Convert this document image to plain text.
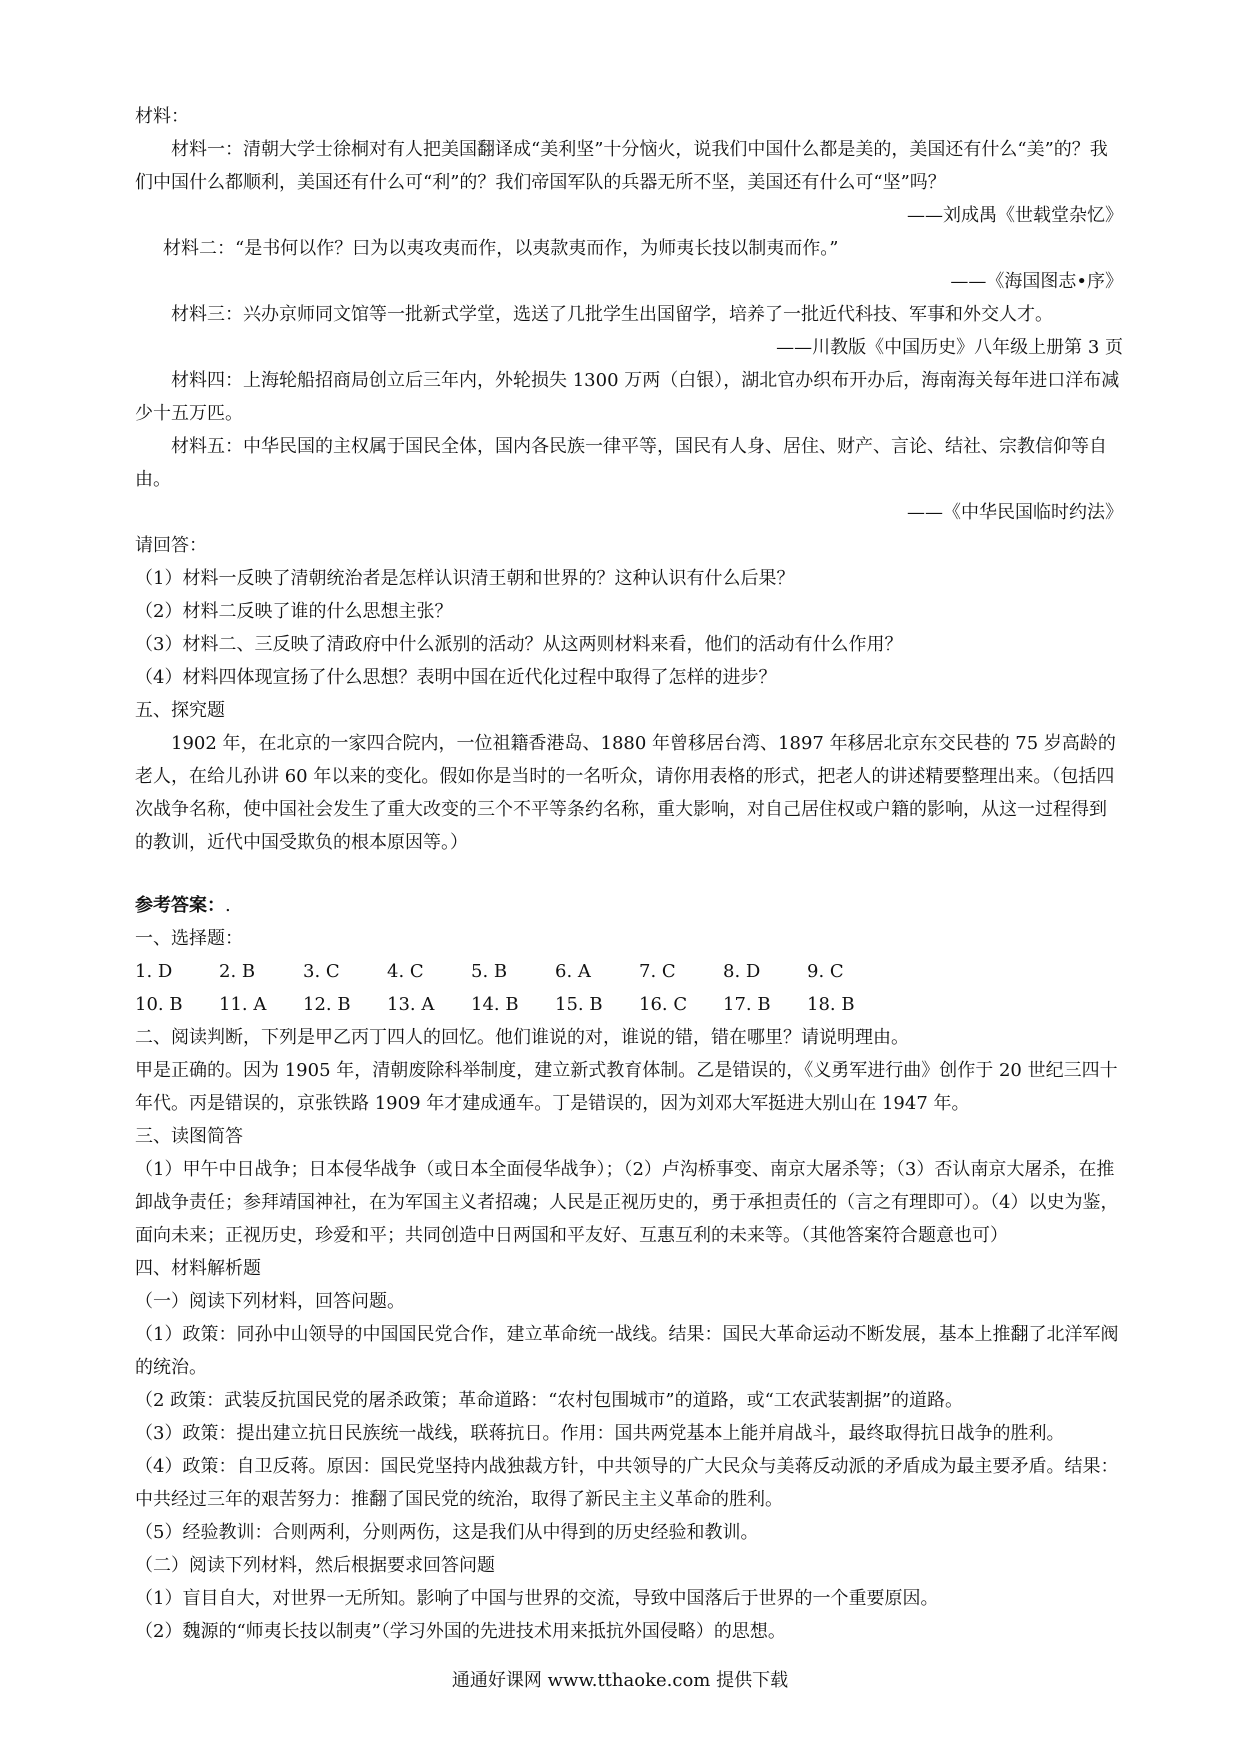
材料：
材料一：清朝大学士徐桐对有人把美国翻译成“美利坚”十分恼火，说我们中国什么都是美的，美国还有什么“美”的？我们中国什么都顺利，美国还有什么可“利”的？我们帝国军队的兵器无所不坚，美国还有什么可“坚”吗？
——刘成禺《世载堂杂忆》
材料二：“是书何以作？曰为以夷攻夷而作，以夷款夷而作，为师夷长技以制夷而作。”
——《海国图志•序》
材料三：兴办京师同文馆等一批新式学堂，选送了几批学生出国留学，培养了一批近代科技、军事和外交人才。
——川教版《中国历史》八年级上册第 3 页
材料四：上海轮船招商局创立后三年内，外轮损失 1300 万两（白银），湖北官办织布开办后，海南海关每年进口洋布减少十五万匹。
材料五：中华民国的主权属于国民全体，国内各民族一律平等，国民有人身、居住、财产、言论、结社、宗教信仰等自由。
——《中华民国临时约法》
请回答：
（1）材料一反映了清朝统治者是怎样认识清王朝和世界的？这种认识有什么后果？
（2）材料二反映了谁的什么思想主张？
（3）材料二、三反映了清政府中什么派别的活动？从这两则材料来看，他们的活动有什么作用？
（4）材料四体现宣扬了什么思想？表明中国在近代化过程中取得了怎样的进步？
五、探究题
1902 年，在北京的一家四合院内，一位祖籍香港岛、1880 年曾移居台湾、1897 年移居北京东交民巷的 75 岁高龄的老人，在给儿孙讲 60 年以来的变化。假如你是当时的一名听众，请你用表格的形式，把老人的讲述精要整理出来。（包括四次战争名称，使中国社会发生了重大改变的三个不平等条约名称，重大影响，对自己居住权或户籍的影响，从这一过程得到的教训，近代中国受欺负的根本原因等。）
参考答案：.
一、选择题：
1. D	2. B	3. C	4. C	5. B	6. A	7. C	8. D	9. C
10. B	11. A	12. B	13. A	14. B	15. B	16. C	17. B	18. B
二、阅读判断，下列是甲乙丙丁四人的回忆。他们谁说的对，谁说的错，错在哪里？请说明理由。
甲是正确的。因为 1905 年，清朝废除科举制度，建立新式教育体制。乙是错误的，《义勇军进行曲》创作于 20 世纪三四十年代。丙是错误的，京张铁路 1909 年才建成通车。丁是错误的，因为刘邓大军挺进大别山在 1947 年。
三、读图简答
（1）甲午中日战争；日本侵华战争（或日本全面侵华战争）；（2）卢沟桥事变、南京大屠杀等；（3）否认南京大屠杀，在推卸战争责任；参拜靖国神社，在为军国主义者招魂；人民是正视历史的，勇于承担责任的（言之有理即可）。（4）以史为鉴，面向未来；正视历史，珍爱和平；共同创造中日两国和平友好、互惠互利的未来等。（其他答案符合题意也可）
四、材料解析题
（一）阅读下列材料，回答问题。
（1）政策：同孙中山领导的中国国民党合作，建立革命统一战线。结果：国民大革命运动不断发展，基本上推翻了北洋军阀的统治。
（2 政策：武装反抗国民党的屠杀政策；革命道路：“农村包围城市”的道路，或“工农武装割据”的道路。
（3）政策：提出建立抗日民族统一战线，联蒋抗日。作用：国共两党基本上能并肩战斗，最终取得抗日战争的胜利。
（4）政策：自卫反蒋。原因：国民党坚持内战独裁方针，中共领导的广大民众与美蒋反动派的矛盾成为最主要矛盾。结果：中共经过三年的艰苦努力：推翻了国民党的统治，取得了新民主主义革命的胜利。
（5）经验教训：合则两利，分则两伤，这是我们从中得到的历史经验和教训。
（二）阅读下列材料，然后根据要求回答问题
（1）盲目自大，对世界一无所知。影响了中国与世界的交流，导致中国落后于世界的一个重要原因。
（2）魏源的“师夷长技以制夷”（学习外国的先进技术用来抵抗外国侵略）的思想。
通通好课网 www.tthaoke.com 提供下载
